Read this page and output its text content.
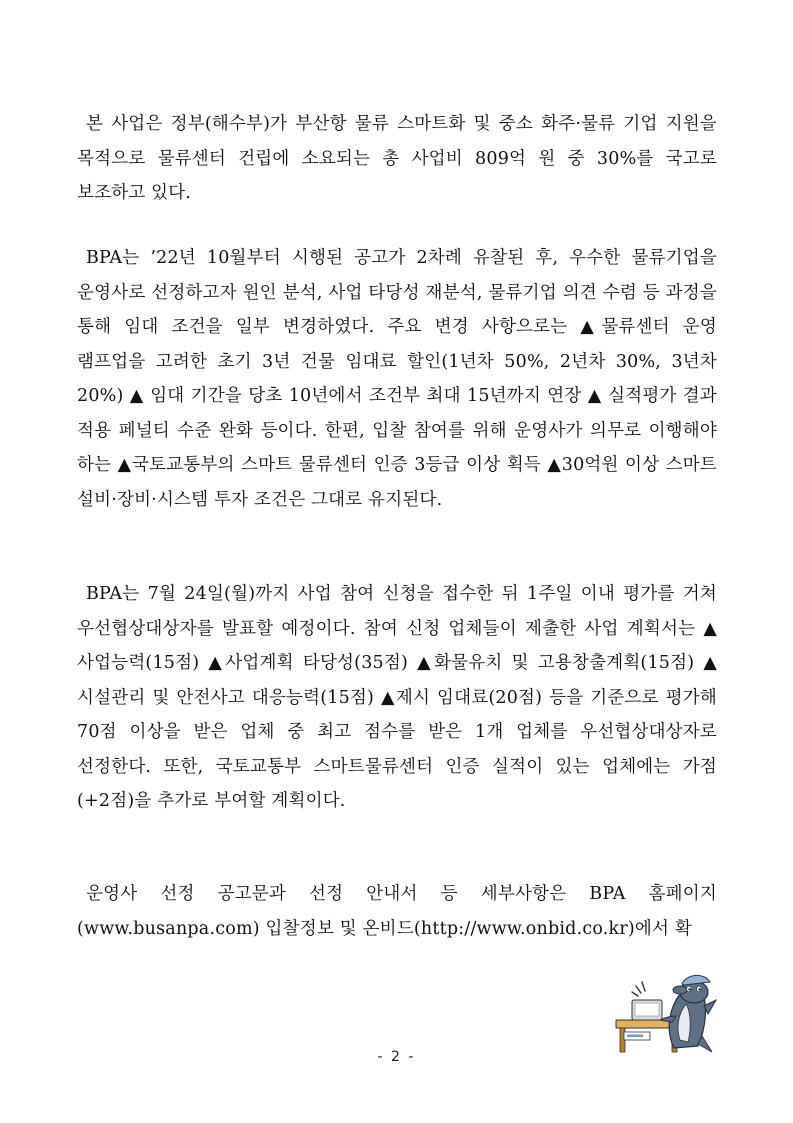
본 사업은 정부(해수부)가 부산항 물류 스마트화 및 중소 화주·물류 기업 지원을 목적으로 물류센터 건립에 소요되는 총 사업비 809억 원 중 30%를 국고로 보조하고 있다.

BPA는 ’22년 10월부터 시행된 공고가 2차례 유찰된 후, 우수한 물류기업을 운영사로 선정하고자 원인 분석, 사업 타당성 재분석, 물류기업 의견 수렴 등 과정을 통해 임대 조건을 일부 변경하였다. 주요 변경 사항으로는 ▲물류센터 운영 램프업을 고려한 초기 3년 건물 임대료 할인(1년차 50%, 2년차 30%, 3년차 20%) ▲ 임대 기간을 당초 10년에서 조건부 최대 15년까지 연장 ▲ 실적평가 결과 적용 페널티 수준 완화 등이다. 한편, 입찰 참여를 위해 운영사가 의무로 이행해야 하는 ▲국토교통부의 스마트 물류센터 인증 3등급 이상 획득 ▲30억원 이상 스마트 설비·장비·시스템 투자 조건은 그대로 유지된다.

BPA는 7월 24일(월)까지 사업 참여 신청을 접수한 뒤 1주일 이내 평가를 거쳐 우선협상대상자를 발표할 예정이다. 참여 신청 업체들이 제출한 사업 계획서는 ▲사업능력(15점) ▲사업계획 타당성(35점) ▲화물유치 및 고용창출계획(15점) ▲시설관리 및 안전사고 대응능력(15점) ▲제시 임대료(20점) 등을 기준으로 평가해 70점 이상을 받은 업체 중 최고 점수를 받은 1개 업체를 우선협상대상자로 선정한다. 또한, 국토교통부 스마트물류센터 인증 실적이 있는 업체에는 가점(+2점)을 추가로 부여할 계획이다.

운영사 선정 공고문과 선정 안내서 등 세부사항은 BPA 홈페이지(www.busanpa.com) 입찰정보 및 온비드(http://www.onbid.co.kr)에서 확

- 2 -
